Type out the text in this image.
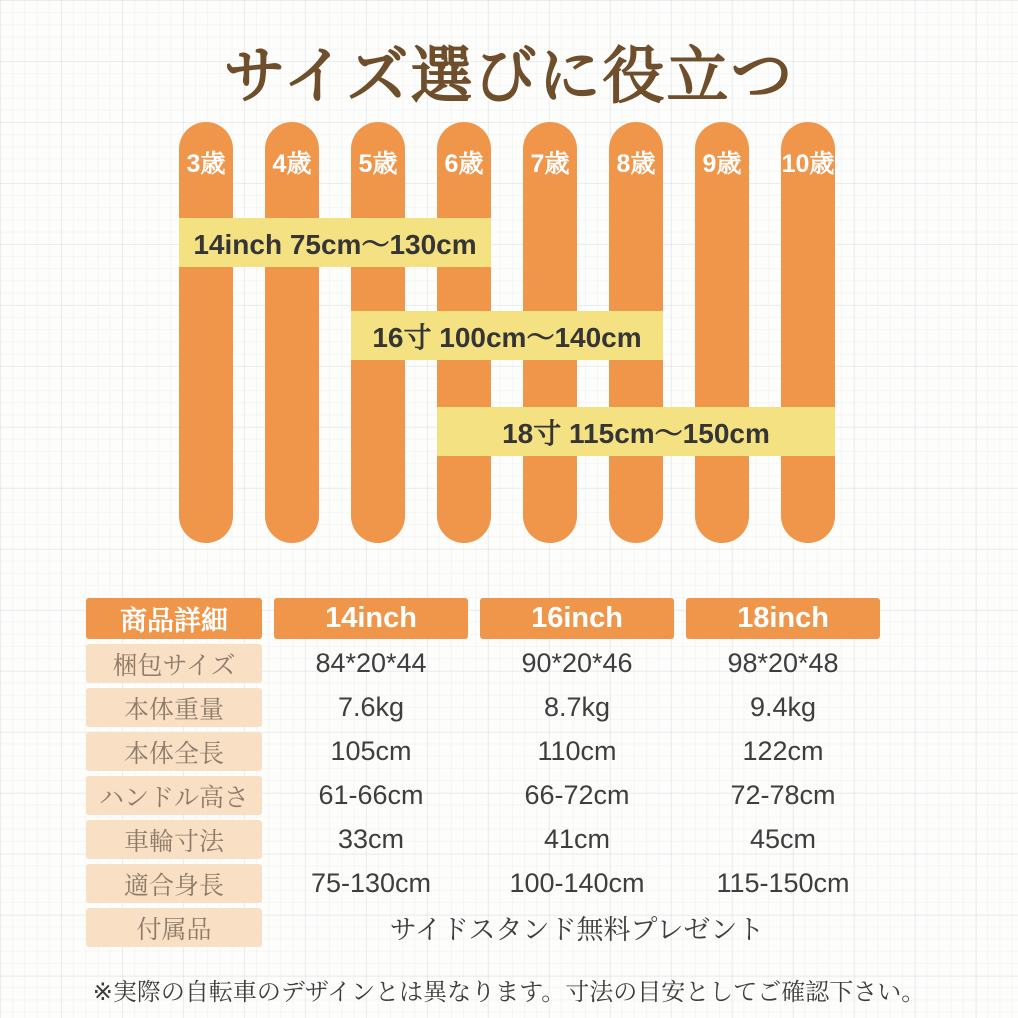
サイズ選びに役立つ
3歳 4歳 5歳 6歳 7歳 8歳 9歳 10歳
14inch 75cm〜130cm
16寸 100cm〜140cm
18寸 115cm〜150cm
商品詳細	14inch	16inch	18inch
梱包サイズ	84*20*44	90*20*46	98*20*48
本体重量	7.6kg	8.7kg	9.4kg
本体全長	105cm	110cm	122cm
ハンドル高さ	61-66cm	66-72cm	72-78cm
車輪寸法	33cm	41cm	45cm
適合身長	75-130cm	100-140cm	115-150cm
付属品	サイドスタンド無料プレゼント
※実際の自転車のデザインとは異なります。寸法の目安としてご確認下さい。
